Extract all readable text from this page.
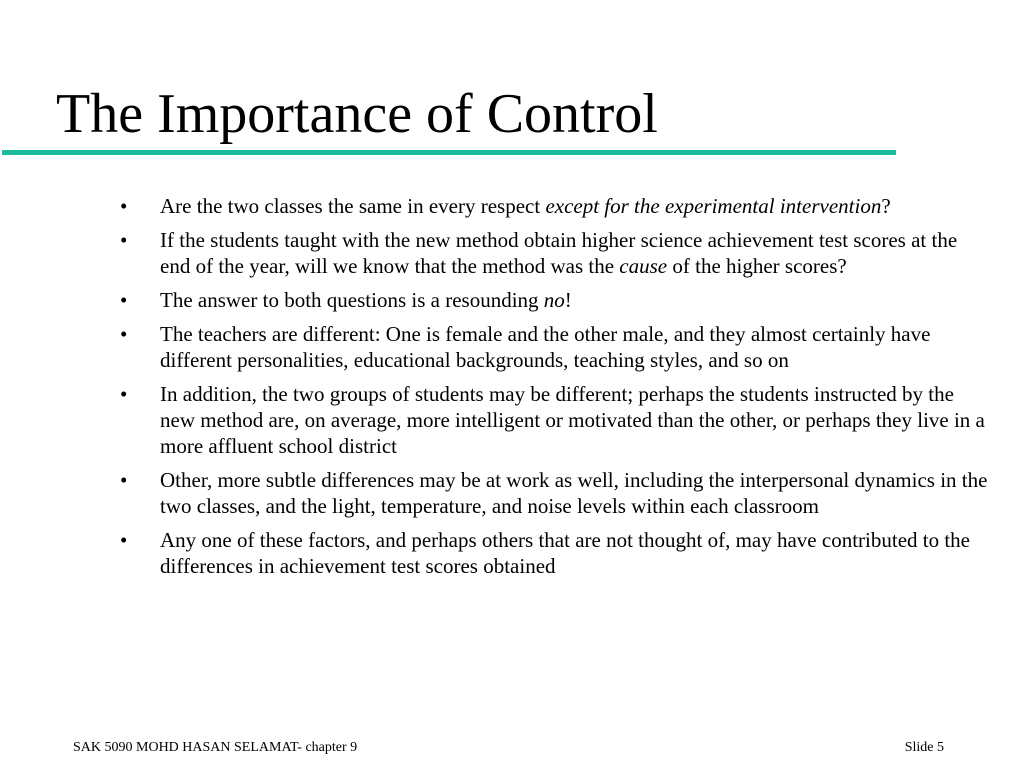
The Importance of Control
• Are the two classes the same in every respect except for the experimental intervention?
• If the students taught with the new method obtain higher science achievement test scores at the end of the year, will we know that the method was the cause of the higher scores?
• The answer to both questions is a resounding no!
• The teachers are different: One is female and the other male, and they almost certainly have different personalities, educational backgrounds, teaching styles, and so on
• In addition, the two groups of students may be different; perhaps the students instructed by the new method are, on average, more intelligent or motivated than the other, or perhaps they live in a more affluent school district
• Other, more subtle differences may be at work as well, including the interpersonal dynamics in the two classes, and the light, temperature, and noise levels within each classroom
• Any one of these factors, and perhaps others that are not thought of, may have contributed to the differences in achievement test scores obtained
SAK 5090 MOHD HASAN SELAMAT- chapter 9	Slide 5
